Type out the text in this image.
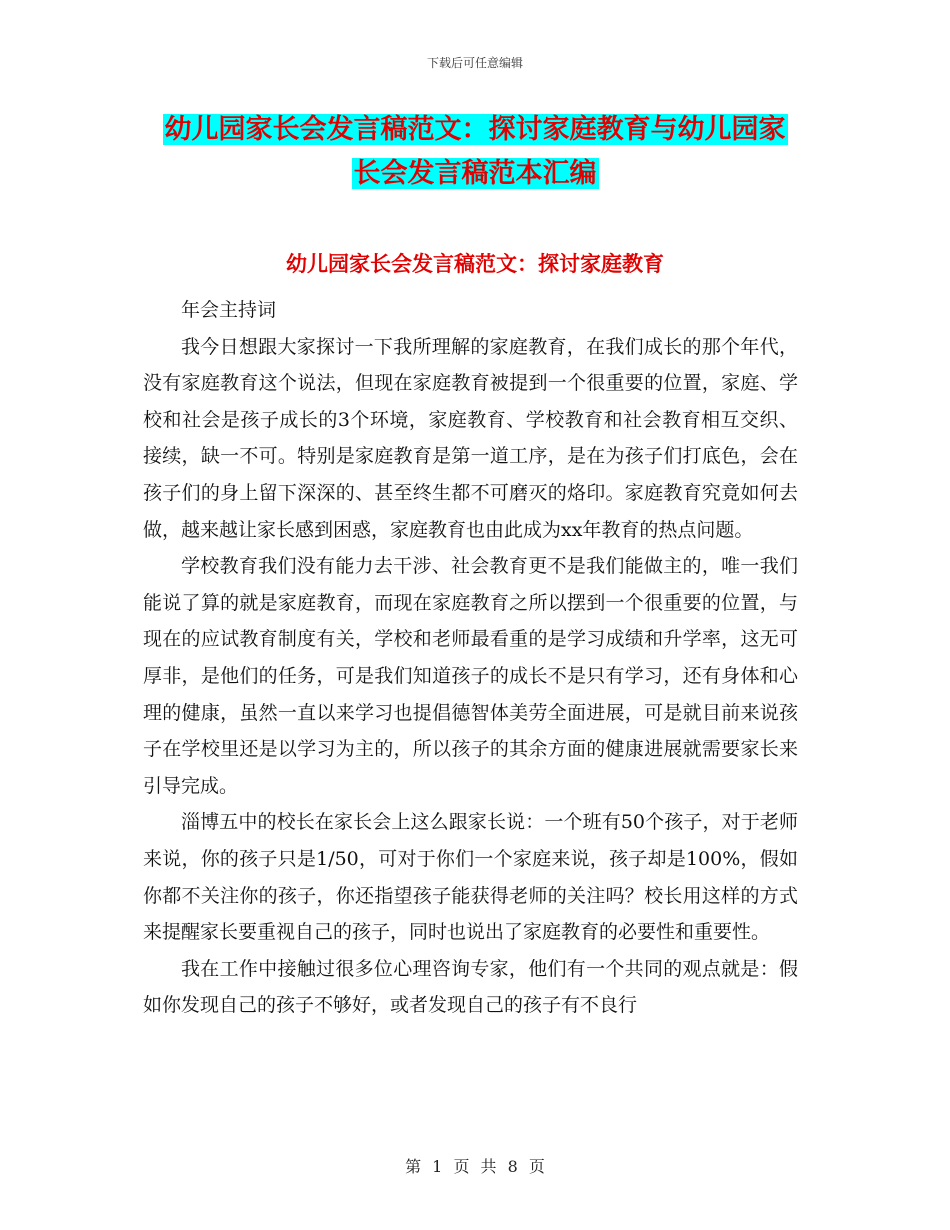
下载后可任意编辑
幼儿园家长会发言稿范文：探讨家庭教育与幼儿园家
长会发言稿范本汇编
幼儿园家长会发言稿范文：探讨家庭教育

年会主持词

我今日想跟大家探讨一下我所理解的家庭教育，在我们成长的那个年代，没有家庭教育这个说法，但现在家庭教育被提到一个很重要的位置，家庭、学校和社会是孩子成长的3个环境，家庭教育、学校教育和社会教育相互交织、接续，缺一不可。特别是家庭教育是第一道工序，是在为孩子们打底色，会在孩子们的身上留下深深的、甚至终生都不可磨灭的烙印。家庭教育究竟如何去做，越来越让家长感到困惑，家庭教育也由此成为xx年教育的热点问题。

学校教育我们没有能力去干涉、社会教育更不是我们能做主的，唯一我们能说了算的就是家庭教育，而现在家庭教育之所以摆到一个很重要的位置，与现在的应试教育制度有关，学校和老师最看重的是学习成绩和升学率，这无可厚非，是他们的任务，可是我们知道孩子的成长不是只有学习，还有身体和心理的健康，虽然一直以来学习也提倡德智体美劳全面进展，可是就目前来说孩子在学校里还是以学习为主的，所以孩子的其余方面的健康进展就需要家长来引导完成。

淄博五中的校长在家长会上这么跟家长说：一个班有50个孩子，对于老师来说，你的孩子只是1/50，可对于你们一个家庭来说，孩子却是100%，假如你都不关注你的孩子，你还指望孩子能获得老师的关注吗？校长用这样的方式来提醒家长要重视自己的孩子，同时也说出了家庭教育的必要性和重要性。

我在工作中接触过很多位心理咨询专家，他们有一个共同的观点就是：假如你发现自己的孩子不够好，或者发现自己的孩子有不良行

第 1 页 共 8 页
